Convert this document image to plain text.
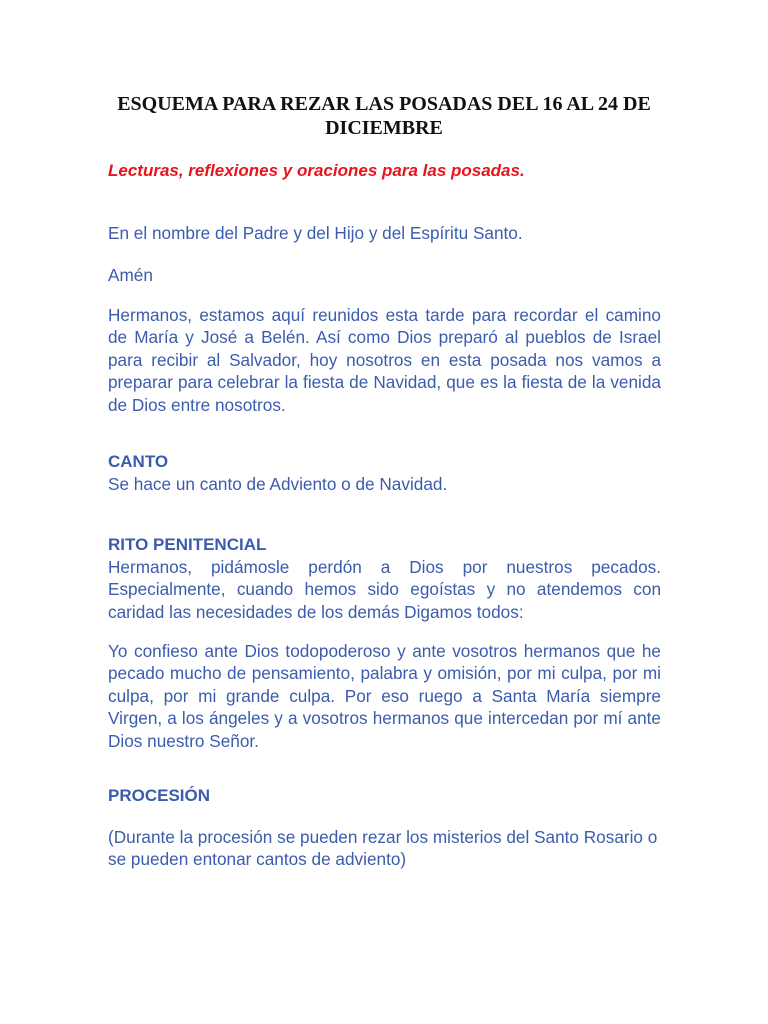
ESQUEMA PARA REZAR LAS POSADAS DEL 16 AL 24 DE DICIEMBRE
Lecturas, reflexiones y oraciones para las posadas.

En el nombre del Padre y del Hijo y del Espíritu Santo.

Amén

Hermanos, estamos aquí reunidos esta tarde para recordar el camino de María y José a Belén. Así como Dios preparó al pueblos de Israel para recibir al Salvador, hoy nosotros en esta posada nos vamos a preparar para celebrar la fiesta de Navidad, que es la fiesta de la venida de Dios entre nosotros.

CANTO

Se hace un canto de Adviento o de Navidad.

RITO PENITENCIAL

Hermanos, pidámosle perdón a Dios por nuestros pecados. Especialmente, cuando hemos sido egoístas y no atendemos con caridad las necesidades de los demás Digamos todos:

Yo confieso ante Dios todopoderoso y ante vosotros hermanos que he pecado mucho de pensamiento, palabra y omisión, por mi culpa, por mi culpa, por mi grande culpa. Por eso ruego a Santa María siempre Virgen, a los ángeles y a vosotros hermanos que intercedan por mí ante Dios nuestro Señor.

PROCESIÓN

(Durante la procesión se pueden rezar los misterios del Santo Rosario o se pueden entonar cantos de adviento)
